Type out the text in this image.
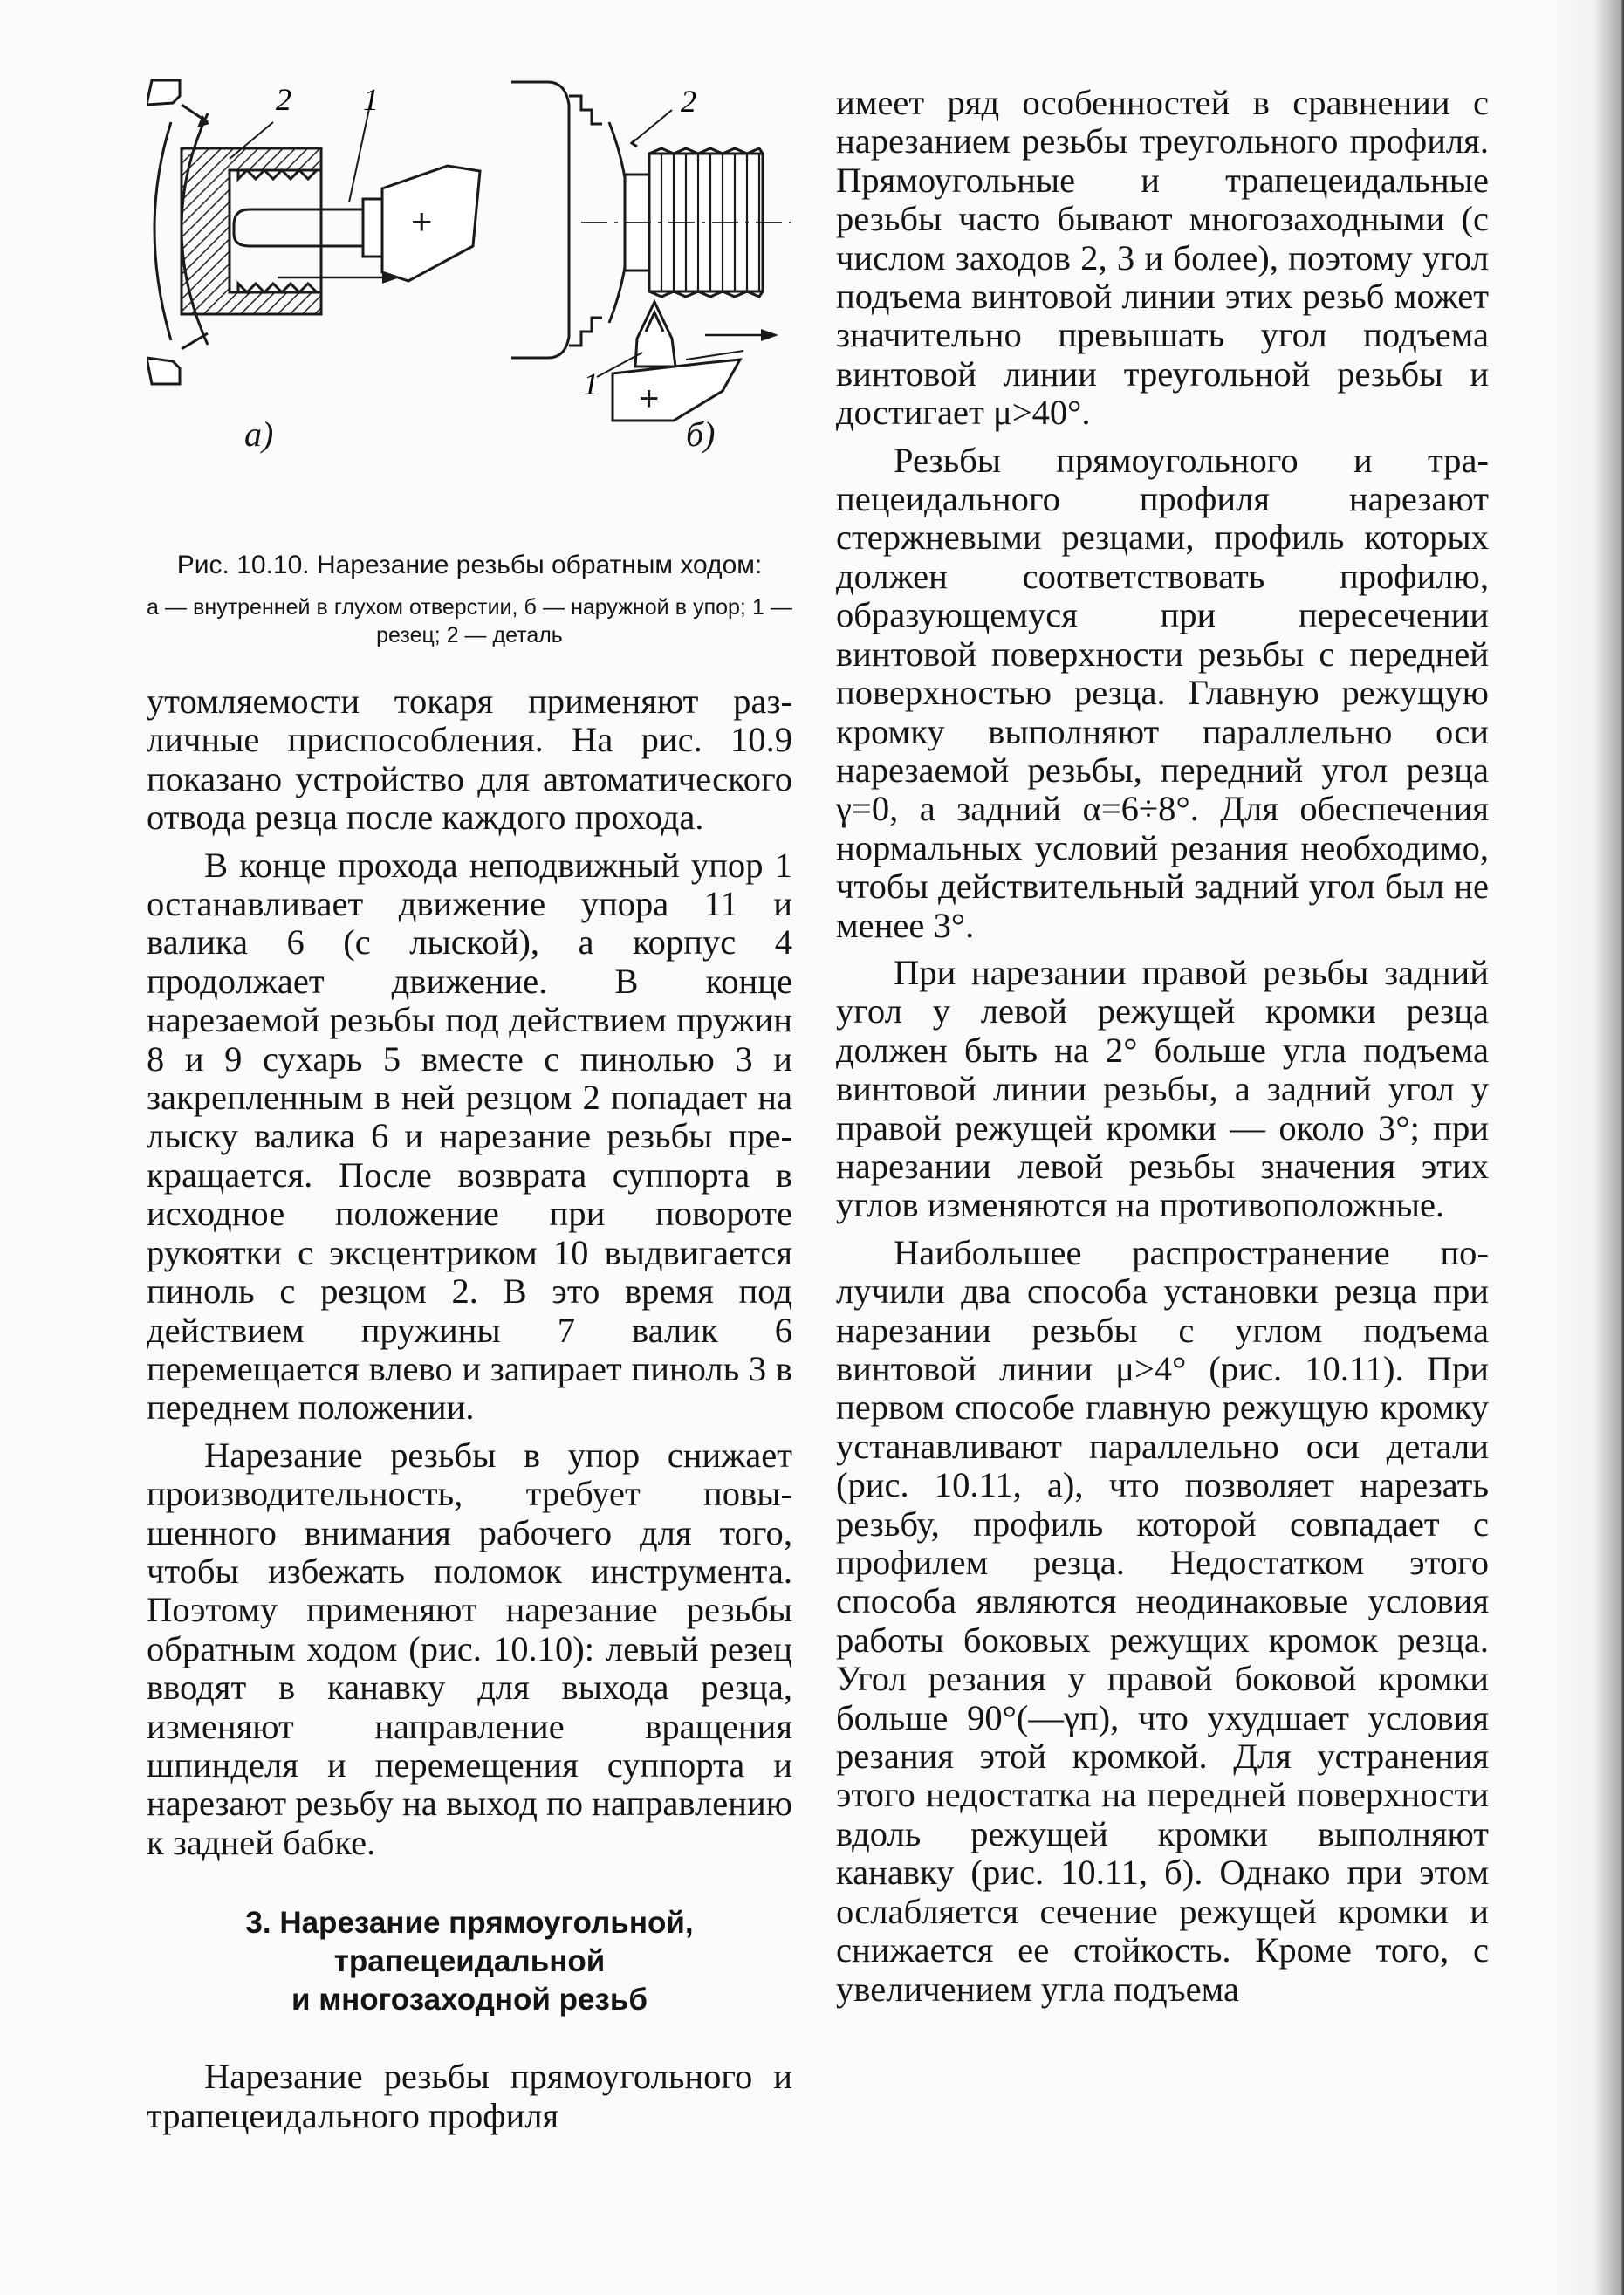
+
2 1
+
2
1
а)	б)
Рис. 10.10. Нарезание резьбы обратным ходом:
а — внутренней в глухом отверстии, б — наружной в упор; 1 — резец; 2 — деталь

утомляемости токаря применяют различные приспособления. На рис. 10.9 показано устройство для автоматического отвода резца после каждого прохода.

В конце прохода неподвижный упор 1 останавливает движение упора 11 и валика 6 (с лыской), а корпус 4 продолжает движение. В конце нарезаемой резьбы под действием пружин 8 и 9 сухарь 5 вместе с пинолью 3 и закрепленным в ней резцом 2 попадает на лыску валика 6 и нарезание резьбы прекращается. После возврата суппорта в исходное положение при повороте рукоятки с эксцентриком 10 выдвигается пиноль с резцом 2. В это время под действием пружины 7 валик 6 перемещается влево и запирает пиноль 3 в переднем положении.

Нарезание резьбы в упор снижает производительность, требует повышенного внимания рабочего для того, чтобы избежать поломок инструмента. Поэтому применяют нарезание резьбы обратным ходом (рис. 10.10): левый резец вводят в канавку для выхода резца, изменяют направление вращения шпинделя и перемещения суппорта и нарезают резьбу на выход по направлению к задней бабке.

3. Нарезание прямоугольной,
трапецеидальной
и многозаходной резьб

Нарезание резьбы прямоугольного и трапецеидального профиля

имеет ряд особенностей в сравнении с нарезанием резьбы треугольного профиля. Прямоугольные и трапецеидальные резьбы часто бывают многозаходными (с числом заходов 2, 3 и более), поэтому угол подъема винтовой линии этих резьб может значительно превышать угол подъема винтовой линии треугольной резьбы и достигает μ>40°.

Резьбы прямоугольного и трапецеидального профиля нарезают стержневыми резцами, профиль которых должен соответствовать профилю, образующемуся при пересечении винтовой поверхности резьбы с передней поверхностью резца. Главную режущую кромку выполняют параллельно оси нарезаемой резьбы, передний угол резца γ=0, а задний α=6÷8°. Для обеспечения нормальных условий резания необходимо, чтобы действительный задний угол был не менее 3°.

При нарезании правой резьбы задний угол у левой режущей кромки резца должен быть на 2° больше угла подъема винтовой линии резьбы, а задний угол у правой режущей кромки — около 3°; при нарезании левой резьбы значения этих углов изменяются на противоположные.

Наибольшее распространение получили два способа установки резца при нарезании резьбы с углом подъема винтовой линии μ>4° (рис. 10.11). При первом способе главную режущую кромку устанавливают параллельно оси детали (рис. 10.11, а), что позволяет нарезать резьбу, профиль которой совпадает с профилем резца. Недостатком этого способа являются неодинаковые условия работы боковых режущих кромок резца. Угол резания у правой боковой кромки больше 90°(—γп), что ухудшает условия резания этой кромкой. Для устранения этого недостатка на передней поверхности вдоль режущей кромки выполняют канавку (рис. 10.11, б). Однако при этом ослабляется сечение режущей кромки и снижается ее стойкость. Кроме того, с увеличением угла подъема
